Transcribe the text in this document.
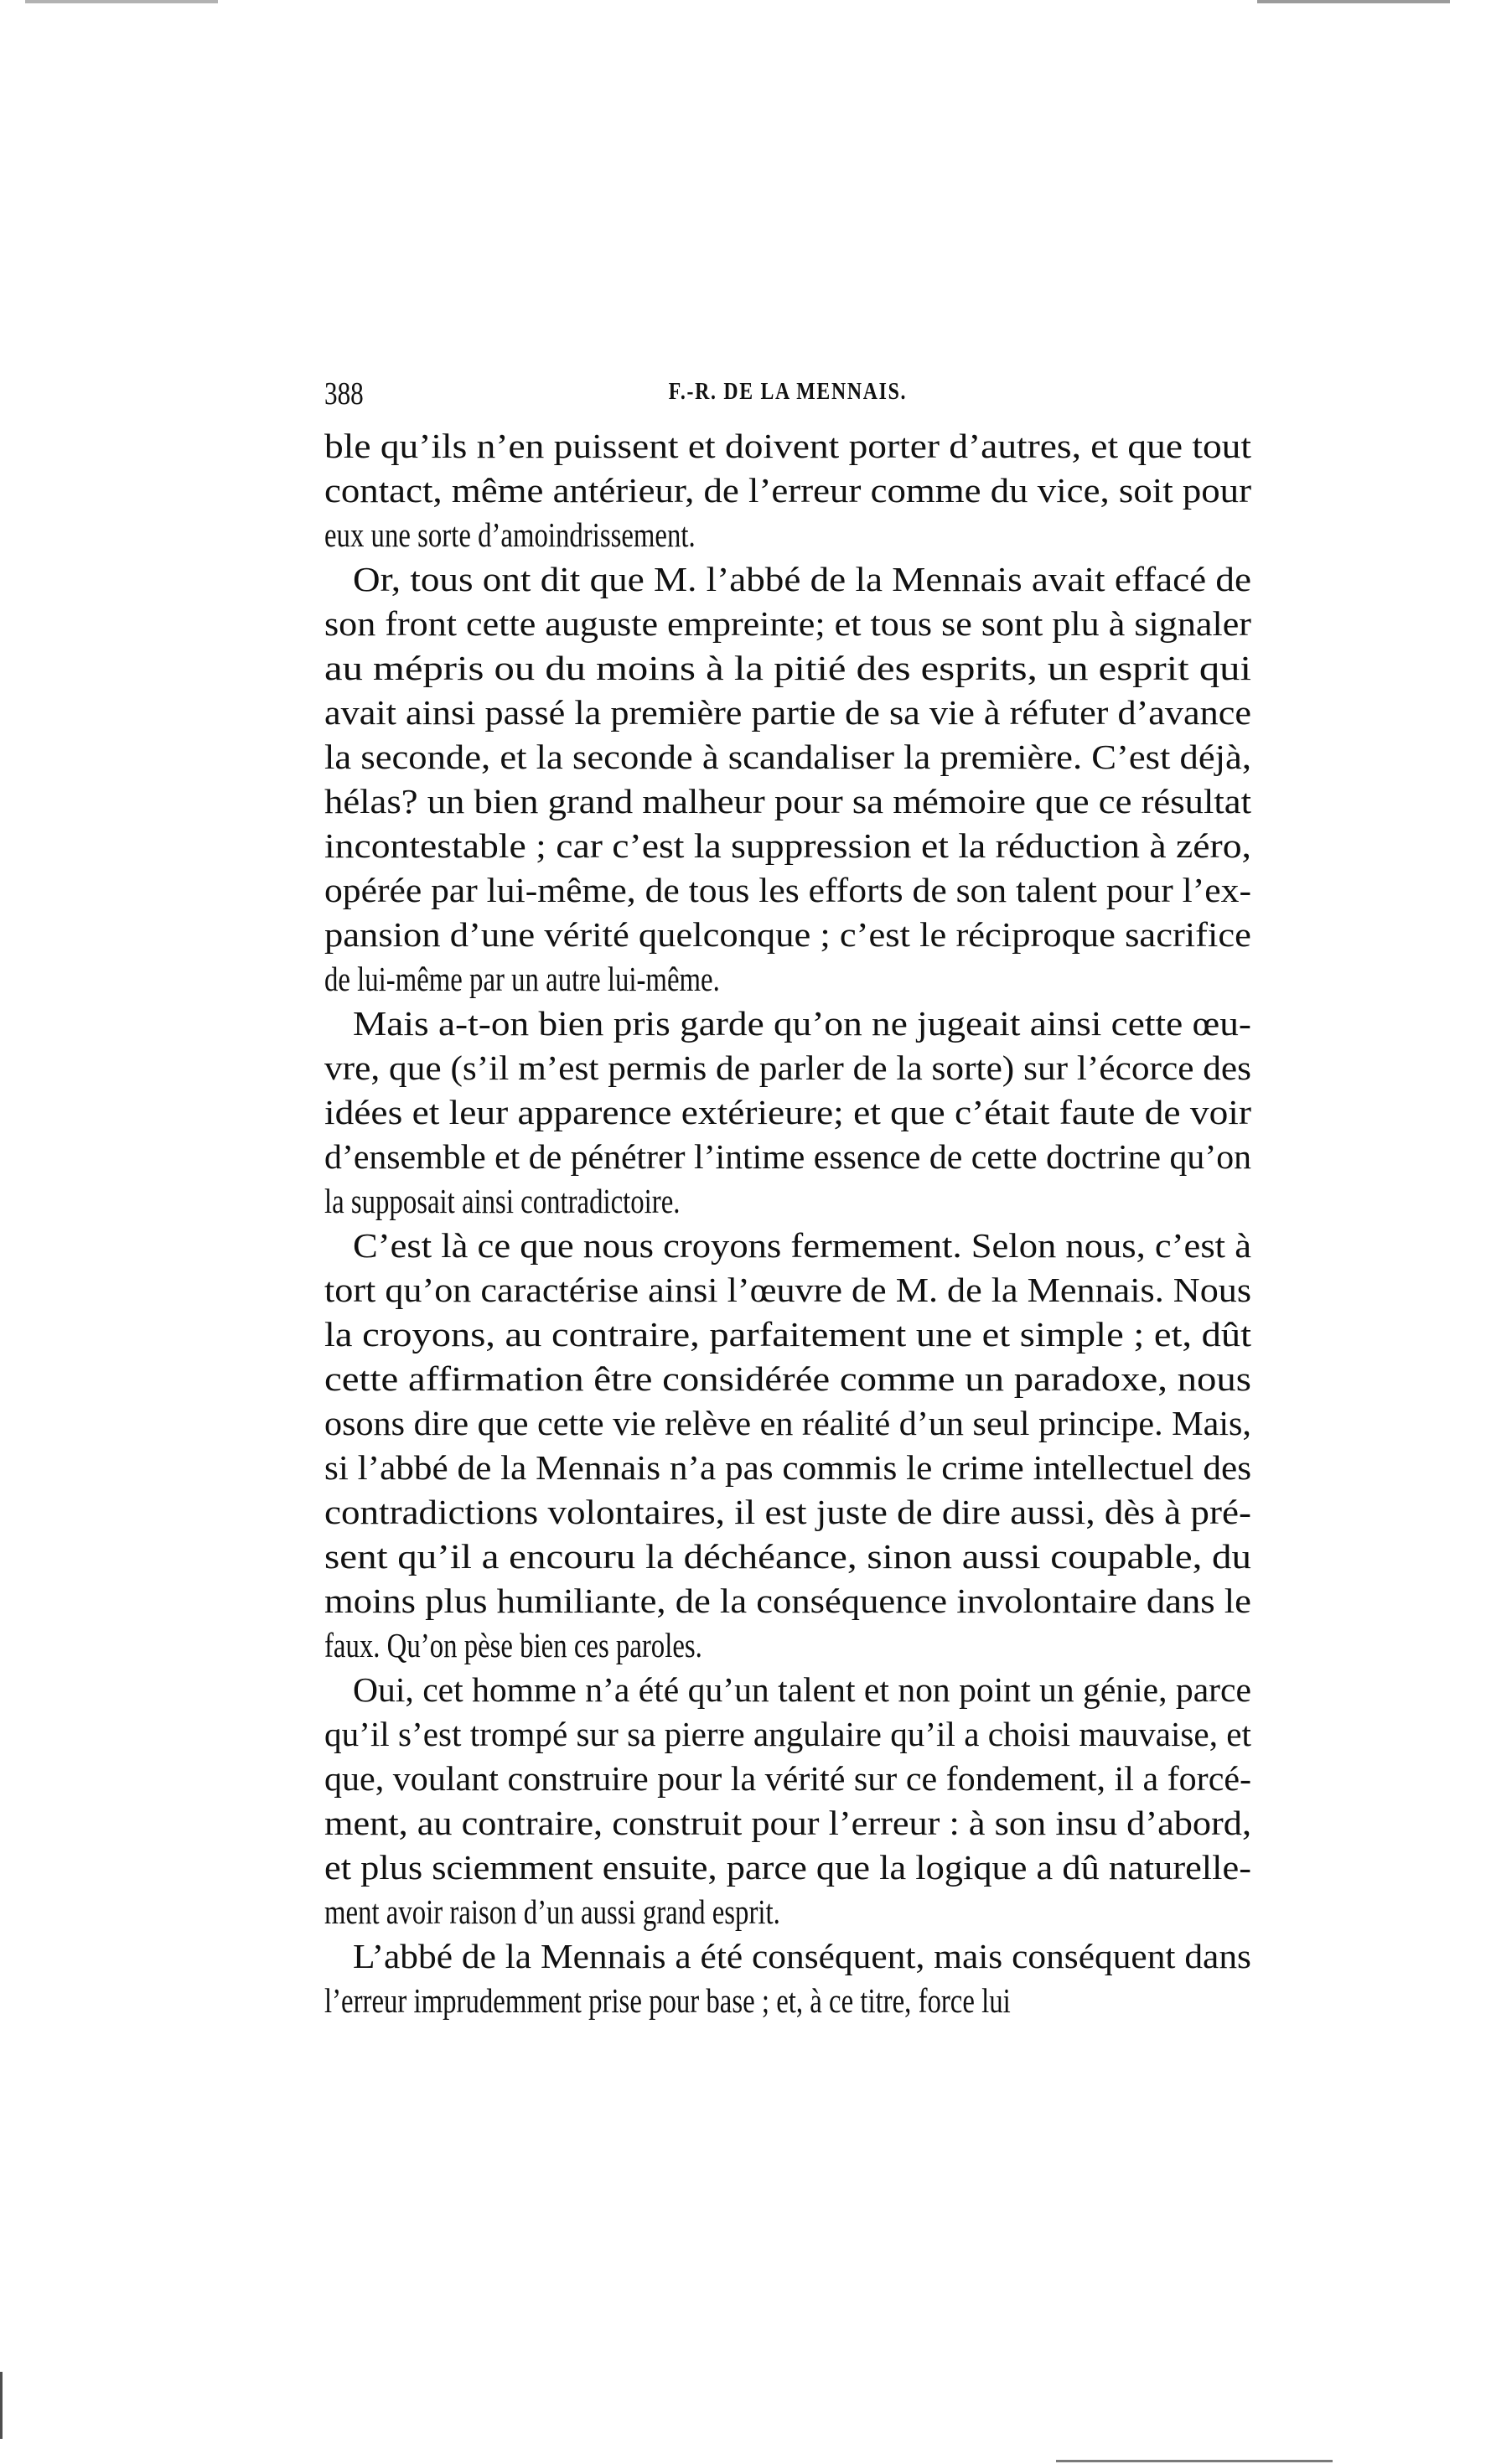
388	F.-R. DE LA MENNAIS.
ble qu’ils n’en puissent et doivent porter d’autres, et que tout
contact, même antérieur, de l’erreur comme du vice, soit pour
eux une sorte d’amoindrissement.
Or, tous ont dit que M. l’abbé de la Mennais avait effacé de
son front cette auguste empreinte; et tous se sont plu à signaler
au mépris ou du moins à la pitié des esprits, un esprit qui
avait ainsi passé la première partie de sa vie à réfuter d’avance
la seconde, et la seconde à scandaliser la première. C’est déjà,
hélas? un bien grand malheur pour sa mémoire que ce résultat
incontestable ; car c’est la suppression et la réduction à zéro,
opérée par lui-même, de tous les efforts de son talent pour l’ex-
pansion d’une vérité quelconque ; c’est le réciproque sacrifice
de lui-même par un autre lui-même.
Mais a-t-on bien pris garde qu’on ne jugeait ainsi cette œu-
vre, que (s’il m’est permis de parler de la sorte) sur l’écorce des
idées et leur apparence extérieure; et que c’était faute de voir
d’ensemble et de pénétrer l’intime essence de cette doctrine qu’on
la supposait ainsi contradictoire.
C’est là ce que nous croyons fermement. Selon nous, c’est à
tort qu’on caractérise ainsi l’œuvre de M. de la Mennais. Nous
la croyons, au contraire, parfaitement une et simple ; et, dût
cette affirmation être considérée comme un paradoxe, nous
osons dire que cette vie relève en réalité d’un seul principe. Mais,
si l’abbé de la Mennais n’a pas commis le crime intellectuel des
contradictions volontaires, il est juste de dire aussi, dès à pré-
sent qu’il a encouru la déchéance, sinon aussi coupable, du
moins plus humiliante, de la conséquence involontaire dans le
faux. Qu’on pèse bien ces paroles.
Oui, cet homme n’a été qu’un talent et non point un génie, parce
qu’il s’est trompé sur sa pierre angulaire qu’il a choisi mauvaise, et
que, voulant construire pour la vérité sur ce fondement, il a forcé-
ment, au contraire, construit pour l’erreur : à son insu d’abord,
et plus sciemment ensuite, parce que la logique a dû naturelle-
ment avoir raison d’un aussi grand esprit.
L’abbé de la Mennais a été conséquent, mais conséquent dans
l’erreur imprudemment prise pour base ; et, à ce titre, force lui
